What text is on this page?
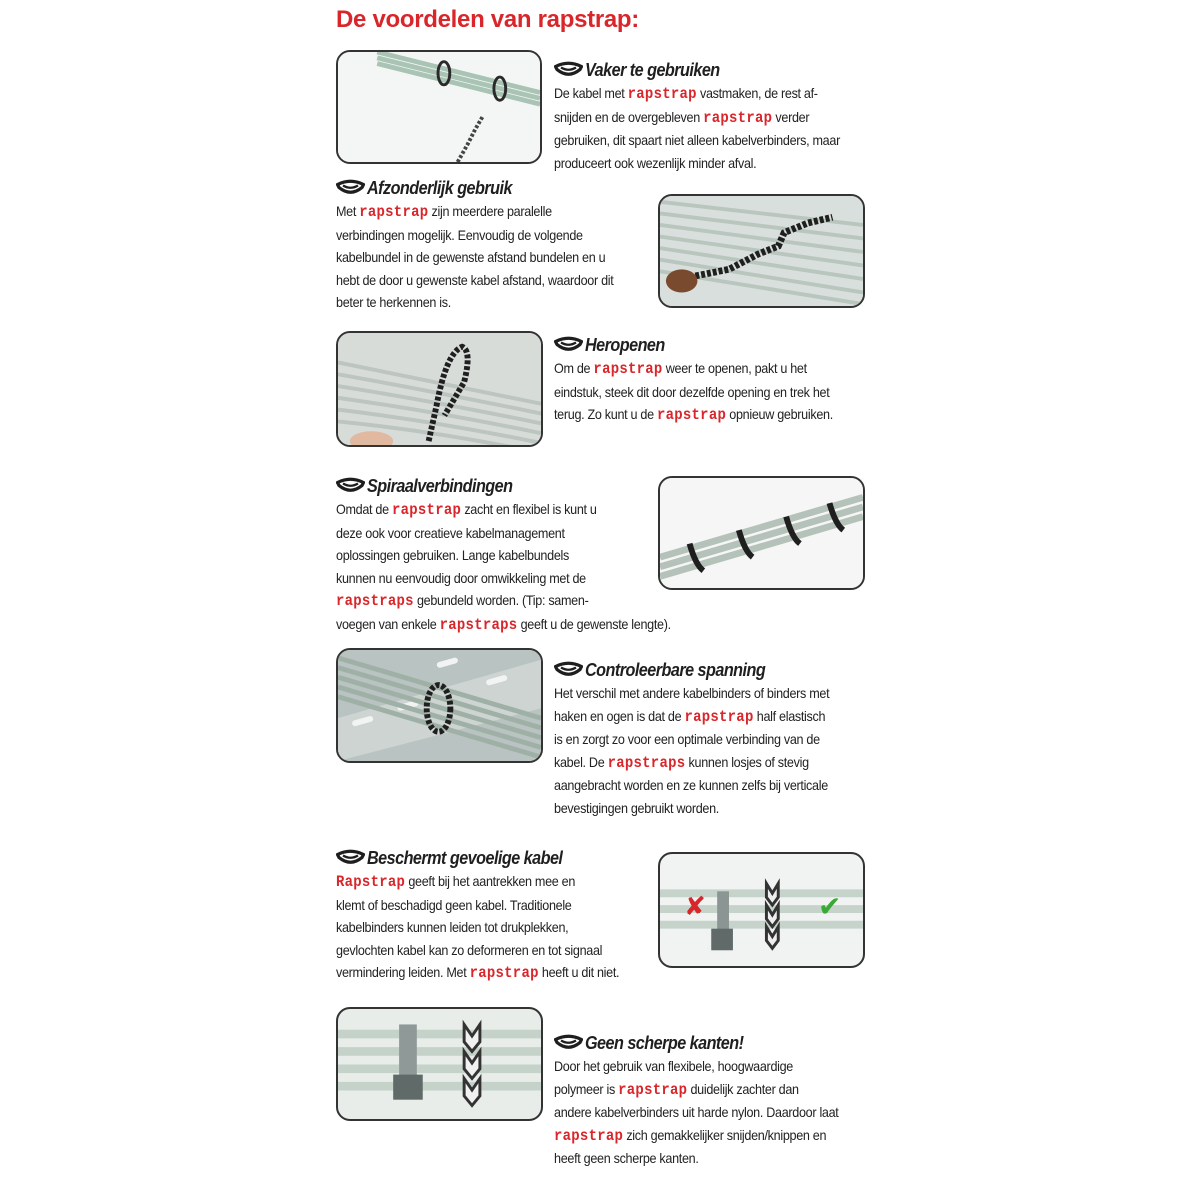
De voordelen van rapstrap:
Vaker te gebruiken
De kabel met rapstrap vastmaken, de rest af-
snijden en de overgebleven rapstrap verder
gebruiken, dit spaart niet alleen kabelverbinders, maar
produceert ook wezenlijk minder afval.
Afzonderlijk gebruik
Met rapstrap zijn meerdere paralelle
verbindingen mogelijk. Eenvoudig de volgende
kabelbundel in de gewenste afstand bundelen en u
hebt de door u gewenste kabel afstand, waardoor dit
beter te herkennen is.
Heropenen
Om de rapstrap weer te openen, pakt u het
eindstuk, steek dit door dezelfde opening en trek het
terug. Zo kunt u de rapstrap opnieuw gebruiken.
Spiraalverbindingen
Omdat de rapstrap zacht en flexibel is kunt u
deze ook voor creatieve kabelmanagement
oplossingen gebruiken. Lange kabelbundels
kunnen nu eenvoudig door omwikkeling met de
rapstraps gebundeld worden. (Tip: samen-
voegen van enkele rapstraps geeft u de gewenste lengte).
Controleerbare spanning
Het verschil met andere kabelbinders of binders met
haken en ogen is dat de rapstrap half elastisch
is en zorgt zo voor een optimale verbinding van de
kabel. De rapstraps kunnen losjes of stevig
aangebracht worden en ze kunnen zelfs bij verticale
bevestigingen gebruikt worden.
Beschermt gevoelige kabel
Rapstrap geeft bij het aantrekken mee en
klemt of beschadigd geen kabel. Traditionele
kabelbinders kunnen leiden tot drukplekken,
gevlochten kabel kan zo deformeren en tot signaal
vermindering leiden. Met rapstrap heeft u dit niet.
✘	✔
Geen scherpe kanten!
Door het gebruik van flexibele, hoogwaardige
polymeer is rapstrap duidelijk zachter dan
andere kabelverbinders uit harde nylon. Daardoor laat
rapstrap zich gemakkelijker snijden/knippen en
heeft geen scherpe kanten.
